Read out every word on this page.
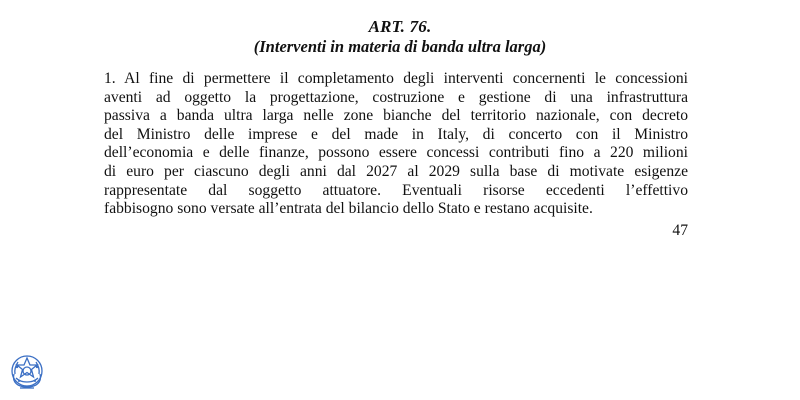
ART. 76.
(Interventi in materia di banda ultra larga)
1. Al fine di permettere il completamento degli interventi concernenti le concessioni
aventi ad oggetto la progettazione, costruzione e gestione di una infrastruttura
passiva a banda ultra larga nelle zone bianche del territorio nazionale, con decreto
del Ministro delle imprese e del made in Italy, di concerto con il Ministro
dell’economia e delle finanze, possono essere concessi contributi fino a 220 milioni
di euro per ciascuno degli anni dal 2027 al 2029 sulla base di motivate esigenze
rappresentate dal soggetto attuatore. Eventuali risorse eccedenti l’effettivo
fabbisogno sono versate all’entrata del bilancio dello Stato e restano acquisite.
47
